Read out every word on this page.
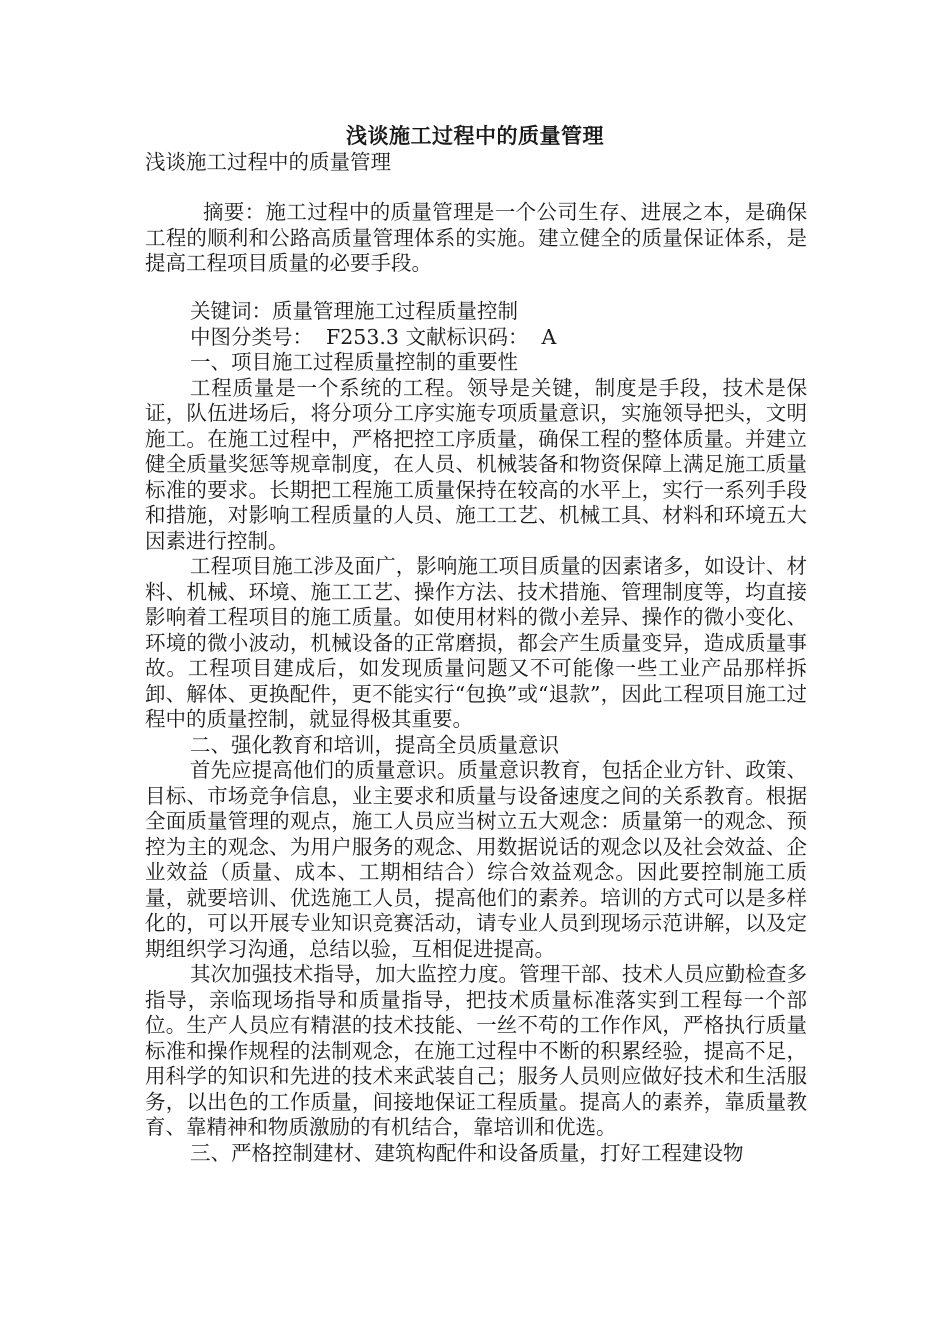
浅谈施工过程中的质量管理
浅谈施工过程中的质量管理

摘要：施工过程中的质量管理是一个公司生存、进展之本，是确保工程的顺利和公路高质量管理体系的实施。建立健全的质量保证体系，是提高工程项目质量的必要手段。

关键词：质量管理施工过程质量控制

中图分类号：  F253.3 文献标识码：  A

一、项目施工过程质量控制的重要性

工程质量是一个系统的工程。领导是关键，制度是手段，技术是保证，队伍进场后，将分项分工序实施专项质量意识，实施领导把头，文明施工。在施工过程中，严格把控工序质量，确保工程的整体质量。并建立健全质量奖惩等规章制度，在人员、机械装备和物资保障上满足施工质量标准的要求。长期把工程施工质量保持在较高的水平上，实行一系列手段和措施，对影响工程质量的人员、施工工艺、机械工具、材料和环境五大因素进行控制。

工程项目施工涉及面广，影响施工项目质量的因素诸多，如设计、材料、机械、环境、施工工艺、操作方法、技术措施、管理制度等，均直接影响着工程项目的施工质量。如使用材料的微小差异、操作的微小变化、环境的微小波动，机械设备的正常磨损，都会产生质量变异，造成质量事故。工程项目建成后，如发现质量问题又不可能像一些工业产品那样拆卸、解体、更换配件，更不能实行“包换”或“退款”，因此工程项目施工过程中的质量控制，就显得极其重要。

二、强化教育和培训，提高全员质量意识

首先应提高他们的质量意识。质量意识教育，包括企业方针、政策、目标、市场竞争信息，业主要求和质量与设备速度之间的关系教育。根据全面质量管理的观点，施工人员应当树立五大观念：质量第一的观念、预控为主的观念、为用户服务的观念、用数据说话的观念以及社会效益、企业效益（质量、成本、工期相结合）综合效益观念。因此要控制施工质量，就要培训、优选施工人员，提高他们的素养。培训的方式可以是多样化的，可以开展专业知识竞赛活动，请专业人员到现场示范讲解，以及定期组织学习沟通，总结以验，互相促进提高。

其次加强技术指导，加大监控力度。管理干部、技术人员应勤检查多指导，亲临现场指导和质量指导，把技术质量标准落实到工程每一个部位。生产人员应有精湛的技术技能、一丝不苟的工作作风，严格执行质量标准和操作规程的法制观念，在施工过程中不断的积累经验，提高不足，用科学的知识和先进的技术来武装自己；服务人员则应做好技术和生活服务，以出色的工作质量，间接地保证工程质量。提高人的素养，靠质量教育、靠精神和物质激励的有机结合，靠培训和优选。

三、严格控制建材、建筑构配件和设备质量，打好工程建设物
